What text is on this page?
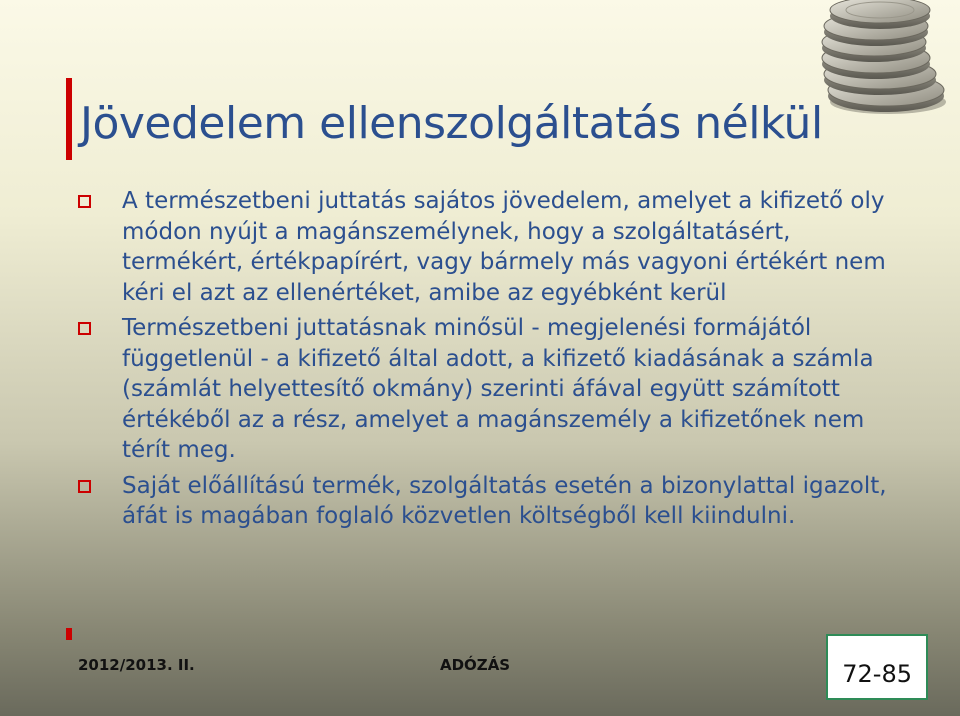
Jövedelem ellenszolgáltatás nélkül
A természetbeni juttatás sajátos jövedelem, amelyet a kifizető oly módon nyújt a magánszemélynek, hogy a szolgáltatásért, termékért, értékpapírért, vagy bármely más vagyoni értékért nem kéri el azt az ellenértéket, amibe az egyébként kerül
Természetbeni juttatásnak minősül - megjelenési formájától függetlenül - a kifizető által adott, a kifizető kiadásának a számla (számlát helyettesítő okmány) szerinti áfával együtt számított értékéből az a rész, amelyet a magánszemély a kifizetőnek nem térít meg.
Saját előállítású termék, szolgáltatás esetén a bizonylattal igazolt, áfát is magában foglaló közvetlen költségből kell kiindulni.
2012/2013. II.	ADÓZÁS	72-85
